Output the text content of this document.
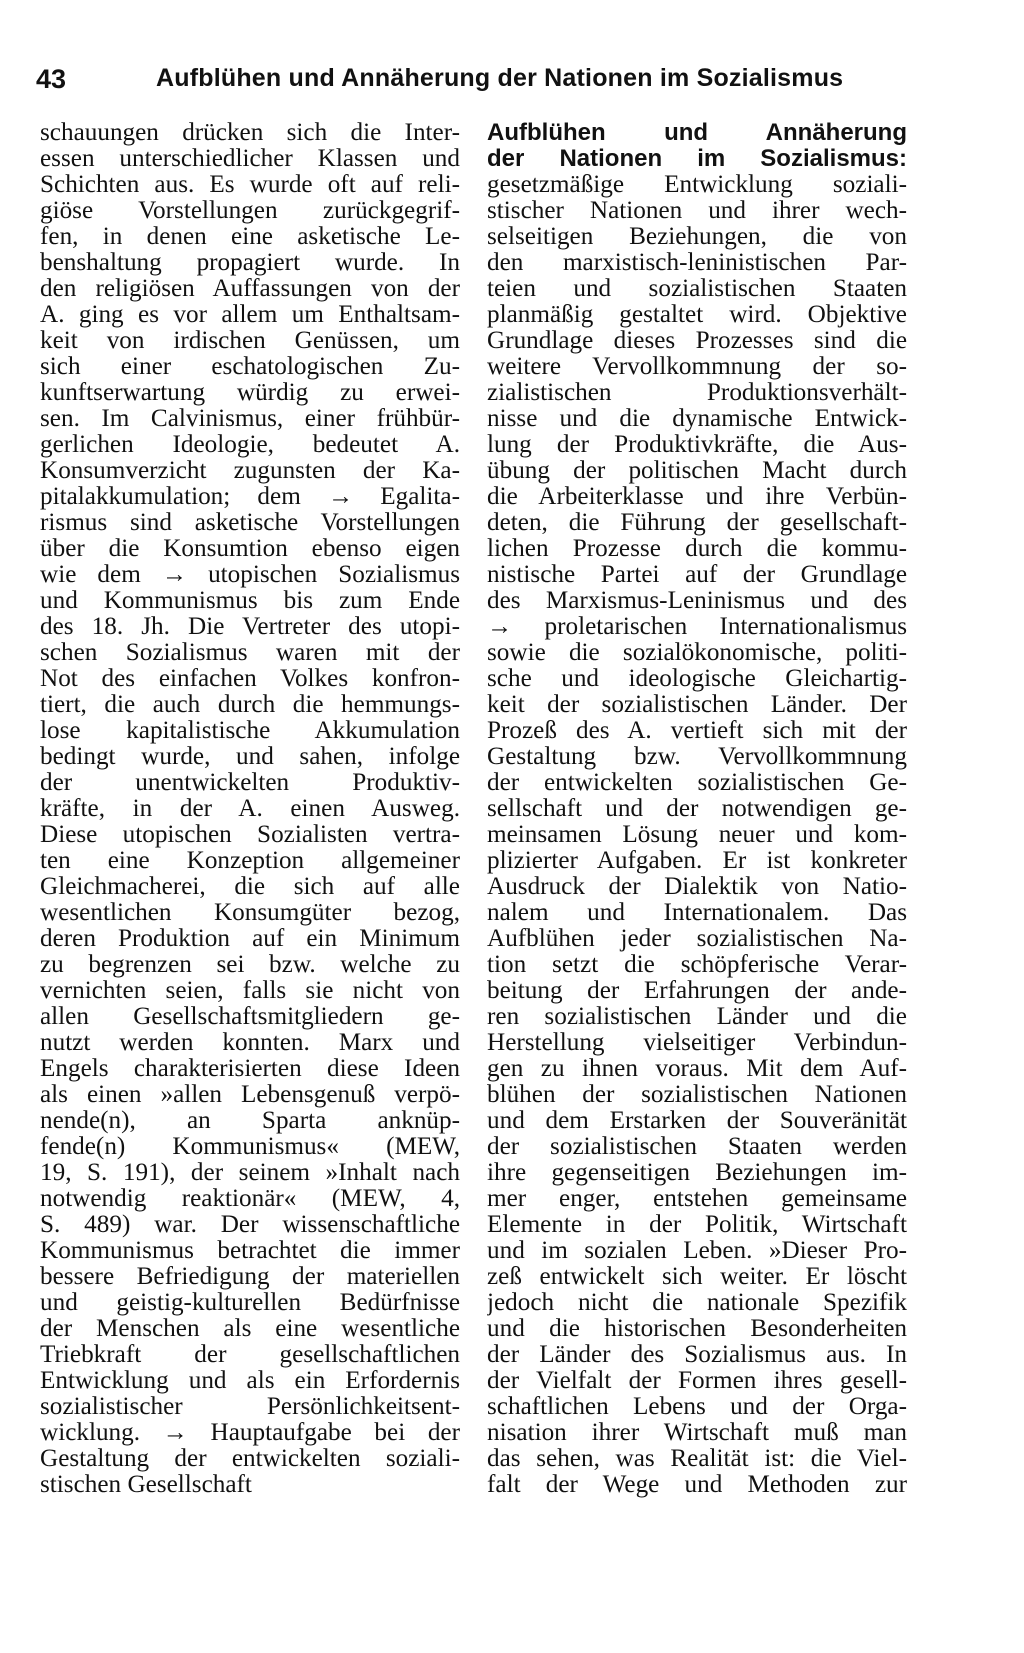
43	Aufblühen und Annäherung der Nationen im Sozialismus
schauungen drücken sich die Inter-
essen unterschiedlicher Klassen und
Schichten aus. Es wurde oft auf reli-
giöse Vorstellungen zurückgegrif-
fen, in denen eine asketische Le-
benshaltung propagiert wurde. In
den religiösen Auffassungen von der
A. ging es vor allem um Enthaltsam-
keit von irdischen Genüssen, um
sich einer eschatologischen Zu-
kunftserwartung würdig zu erwei-
sen. Im Calvinismus, einer frühbür-
gerlichen Ideologie, bedeutet A.
Konsumverzicht zugunsten der Ka-
pitalakkumulation; dem → Egalita-
rismus sind asketische Vorstellungen
über die Konsumtion ebenso eigen
wie dem → utopischen Sozialismus
und Kommunismus bis zum Ende
des 18. Jh. Die Vertreter des utopi-
schen Sozialismus waren mit der
Not des einfachen Volkes konfron-
tiert, die auch durch die hemmungs-
lose kapitalistische Akkumulation
bedingt wurde, und sahen, infolge
der unentwickelten Produktiv-
kräfte, in der A. einen Ausweg.
Diese utopischen Sozialisten vertra-
ten eine Konzeption allgemeiner
Gleichmacherei, die sich auf alle
wesentlichen Konsumgüter bezog,
deren Produktion auf ein Minimum
zu begrenzen sei bzw. welche zu
vernichten seien, falls sie nicht von
allen Gesellschaftsmitgliedern ge-
nutzt werden konnten. Marx und
Engels charakterisierten diese Ideen
als einen »allen Lebensgenuß verpö-
nende(n), an Sparta anknüp-
fende(n) Kommunismus« (MEW,
19, S. 191), der seinem »Inhalt nach
notwendig reaktionär« (MEW, 4,
S. 489) war. Der wissenschaftliche
Kommunismus betrachtet die immer
bessere Befriedigung der materiellen
und geistig-kulturellen Bedürfnisse
der Menschen als eine wesentliche
Triebkraft der gesellschaftlichen
Entwicklung und als ein Erfordernis
sozialistischer Persönlichkeitsent-
wicklung. → Hauptaufgabe bei der
Gestaltung der entwickelten soziali-
stischen Gesellschaft
Aufblühen und Annäherung
der Nationen im Sozialismus:
gesetzmäßige Entwicklung soziali-
stischer Nationen und ihrer wech-
selseitigen Beziehungen, die von
den marxistisch-leninistischen Par-
teien und sozialistischen Staaten
planmäßig gestaltet wird. Objektive
Grundlage dieses Prozesses sind die
weitere Vervollkommnung der so-
zialistischen Produktionsverhält-
nisse und die dynamische Entwick-
lung der Produktivkräfte, die Aus-
übung der politischen Macht durch
die Arbeiterklasse und ihre Verbün-
deten, die Führung der gesellschaft-
lichen Prozesse durch die kommu-
nistische Partei auf der Grundlage
des Marxismus-Leninismus und des
→ proletarischen Internationalismus
sowie die sozialökonomische, politi-
sche und ideologische Gleichartig-
keit der sozialistischen Länder. Der
Prozeß des A. vertieft sich mit der
Gestaltung bzw. Vervollkommnung
der entwickelten sozialistischen Ge-
sellschaft und der notwendigen ge-
meinsamen Lösung neuer und kom-
plizierter Aufgaben. Er ist konkreter
Ausdruck der Dialektik von Natio-
nalem und Internationalem. Das
Aufblühen jeder sozialistischen Na-
tion setzt die schöpferische Verar-
beitung der Erfahrungen der ande-
ren sozialistischen Länder und die
Herstellung vielseitiger Verbindun-
gen zu ihnen voraus. Mit dem Auf-
blühen der sozialistischen Nationen
und dem Erstarken der Souveränität
der sozialistischen Staaten werden
ihre gegenseitigen Beziehungen im-
mer enger, entstehen gemeinsame
Elemente in der Politik, Wirtschaft
und im sozialen Leben. »Dieser Pro-
zeß entwickelt sich weiter. Er löscht
jedoch nicht die nationale Spezifik
und die historischen Besonderheiten
der Länder des Sozialismus aus. In
der Vielfalt der Formen ihres gesell-
schaftlichen Lebens und der Orga-
nisation ihrer Wirtschaft muß man
das sehen, was Realität ist: die Viel-
falt der Wege und Methoden zur
